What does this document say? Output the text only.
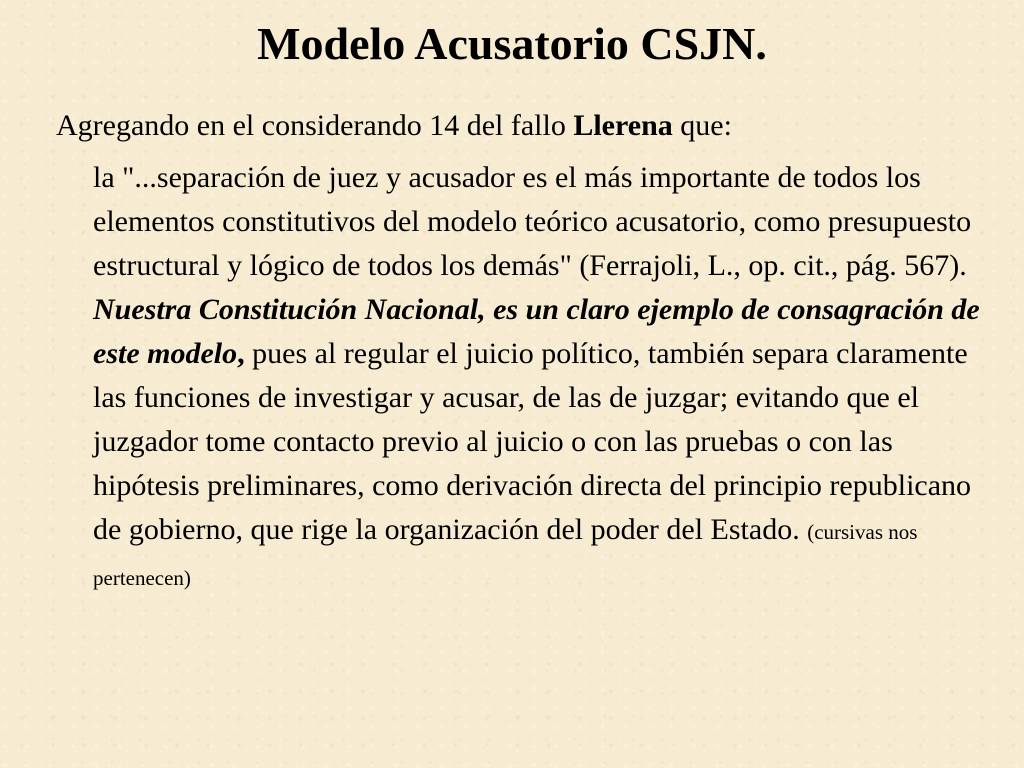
Modelo Acusatorio CSJN.

Agregando en el considerando 14 del fallo Llerena que:

la "...separación de juez y acusador es el más importante de todos los elementos constitutivos del modelo teórico acusatorio, como presupuesto estructural y lógico de todos los demás" (Ferrajoli, L., op. cit., pág. 567). Nuestra Constitución Nacional, es un claro ejemplo de consagración de este modelo, pues al regular el juicio político, también separa claramente las funciones de investigar y acusar, de las de juzgar; evitando que el juzgador tome contacto previo al juicio o con las pruebas o con las hipótesis preliminares, como derivación directa del principio republicano de gobierno, que rige la organización del poder del Estado. (cursivas nos pertenecen)
